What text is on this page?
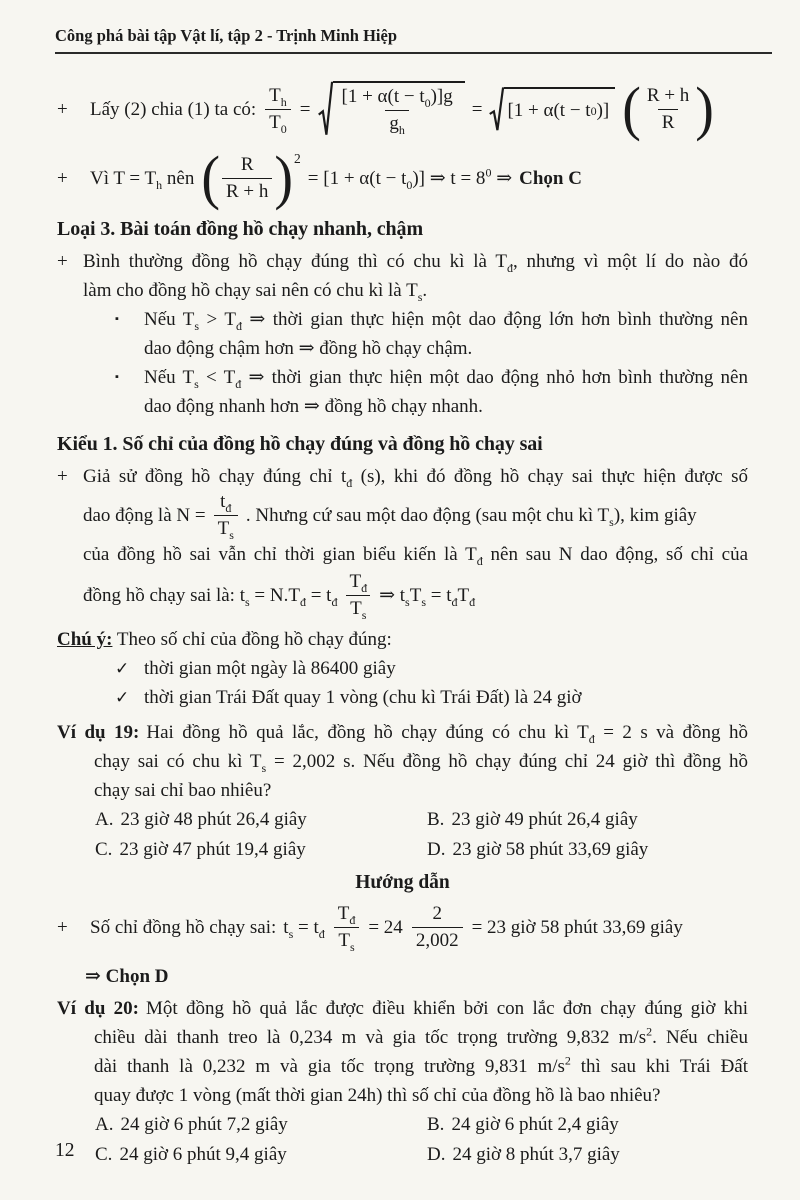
Công phá bài tập Vật lí, tập 2 - Trịnh Minh Hiệp
+	Lấy (2) chia (1) ta có: $\frac{T_h}{T_0} = \frac{[1 + \alpha(t - t_0)]g}{g_h} = [1 + \alpha(t - t$ 0 )] ( $\frac{R + h}{R}$ )
+	Vì $T = T_h$ nên ( $\frac{R}{R + h}$ ) 2
= $[1 + \alpha(t - t_0)]$ ⇒ $t = 8^0$ ⇒ Chọn C
Loại 3. Bài toán đồng hồ chạy nhanh, chậm
+ Bình thường đồng hồ chạy đúng thì có chu kì là $T_đ$, nhưng vì một lí do nào đó
làm cho đồng hồ chạy sai nên có chu kì là $T_s$.
▪	Nếu $T_s > T_đ$ ⇒ thời gian thực hiện một dao động lớn hơn bình thường nên
dao động chậm hơn ⇒ đồng hồ chạy chậm.
▪	Nếu $T_s < T_đ$ ⇒ thời gian thực hiện một dao động nhỏ hơn bình thường nên
dao động nhanh hơn ⇒ đồng hồ chạy nhanh.
Kiểu 1. Số chỉ của đồng hồ chạy đúng và đồng hồ chạy sai
+ Giả sử đồng hồ chạy đúng chỉ $t_đ$ (s), khi đó đồng hồ chạy sai thực hiện được số
dao động là $N = \frac{t_đ}{T_s}$ . Nhưng cứ sau một dao động (sau một chu kì $T_s$), kim giây
của đồng hồ sai vẫn chỉ thời gian biểu kiến là $T_đ$ nên sau N dao động, số chỉ của
đồng hồ chạy sai là: $t_s = N.T_đ = t_đ \frac{T_đ}{T_s}$ ⇒ $t_sT_s = t_đT_đ$
Chú ý: Theo số chỉ của đồng hồ chạy đúng:
✓ thời gian một ngày là 86400 giây
✓ thời gian Trái Đất quay 1 vòng (chu kì Trái Đất) là 24 giờ
Ví dụ 19: Hai đồng hồ quả lắc, đồng hồ chạy đúng có chu kì $T_đ = 2$ s và đồng hồ
chạy sai có chu kì $T_s = 2,002$ s. Nếu đồng hồ chạy đúng chỉ 24 giờ thì đồng hồ
chạy sai chỉ bao nhiêu?
A. 23 giờ 48 phút 26,4 giây	B. 23 giờ 49 phút 26,4 giây
C. 23 giờ 47 phút 19,4 giây	D. 23 giờ 58 phút 33,69 giây
Hướng dẫn
+	Số chỉ đồng hồ chạy sai: $t_s = t_đ \frac{T_đ}{T_s} = 24 \frac{2}{2,002} = 23$ giờ 58 phút 33,69 giây
⇒ Chọn D
Ví dụ 20: Một đồng hồ quả lắc được điều khiển bởi con lắc đơn chạy đúng giờ khi
chiều dài thanh treo là 0,234 m và gia tốc trọng trường 9,832 $m/s^2$. Nếu chiều
dài thanh là 0,232 m và gia tốc trọng trường 9,831 $m/s^2$ thì sau khi Trái Đất
quay được 1 vòng (mất thời gian 24h) thì số chỉ của đồng hồ là bao nhiêu?
A. 24 giờ 6 phút 7,2 giây	B. 24 giờ 6 phút 2,4 giây
C. 24 giờ 6 phút 9,4 giây	D. 24 giờ 8 phút 3,7 giây
12
